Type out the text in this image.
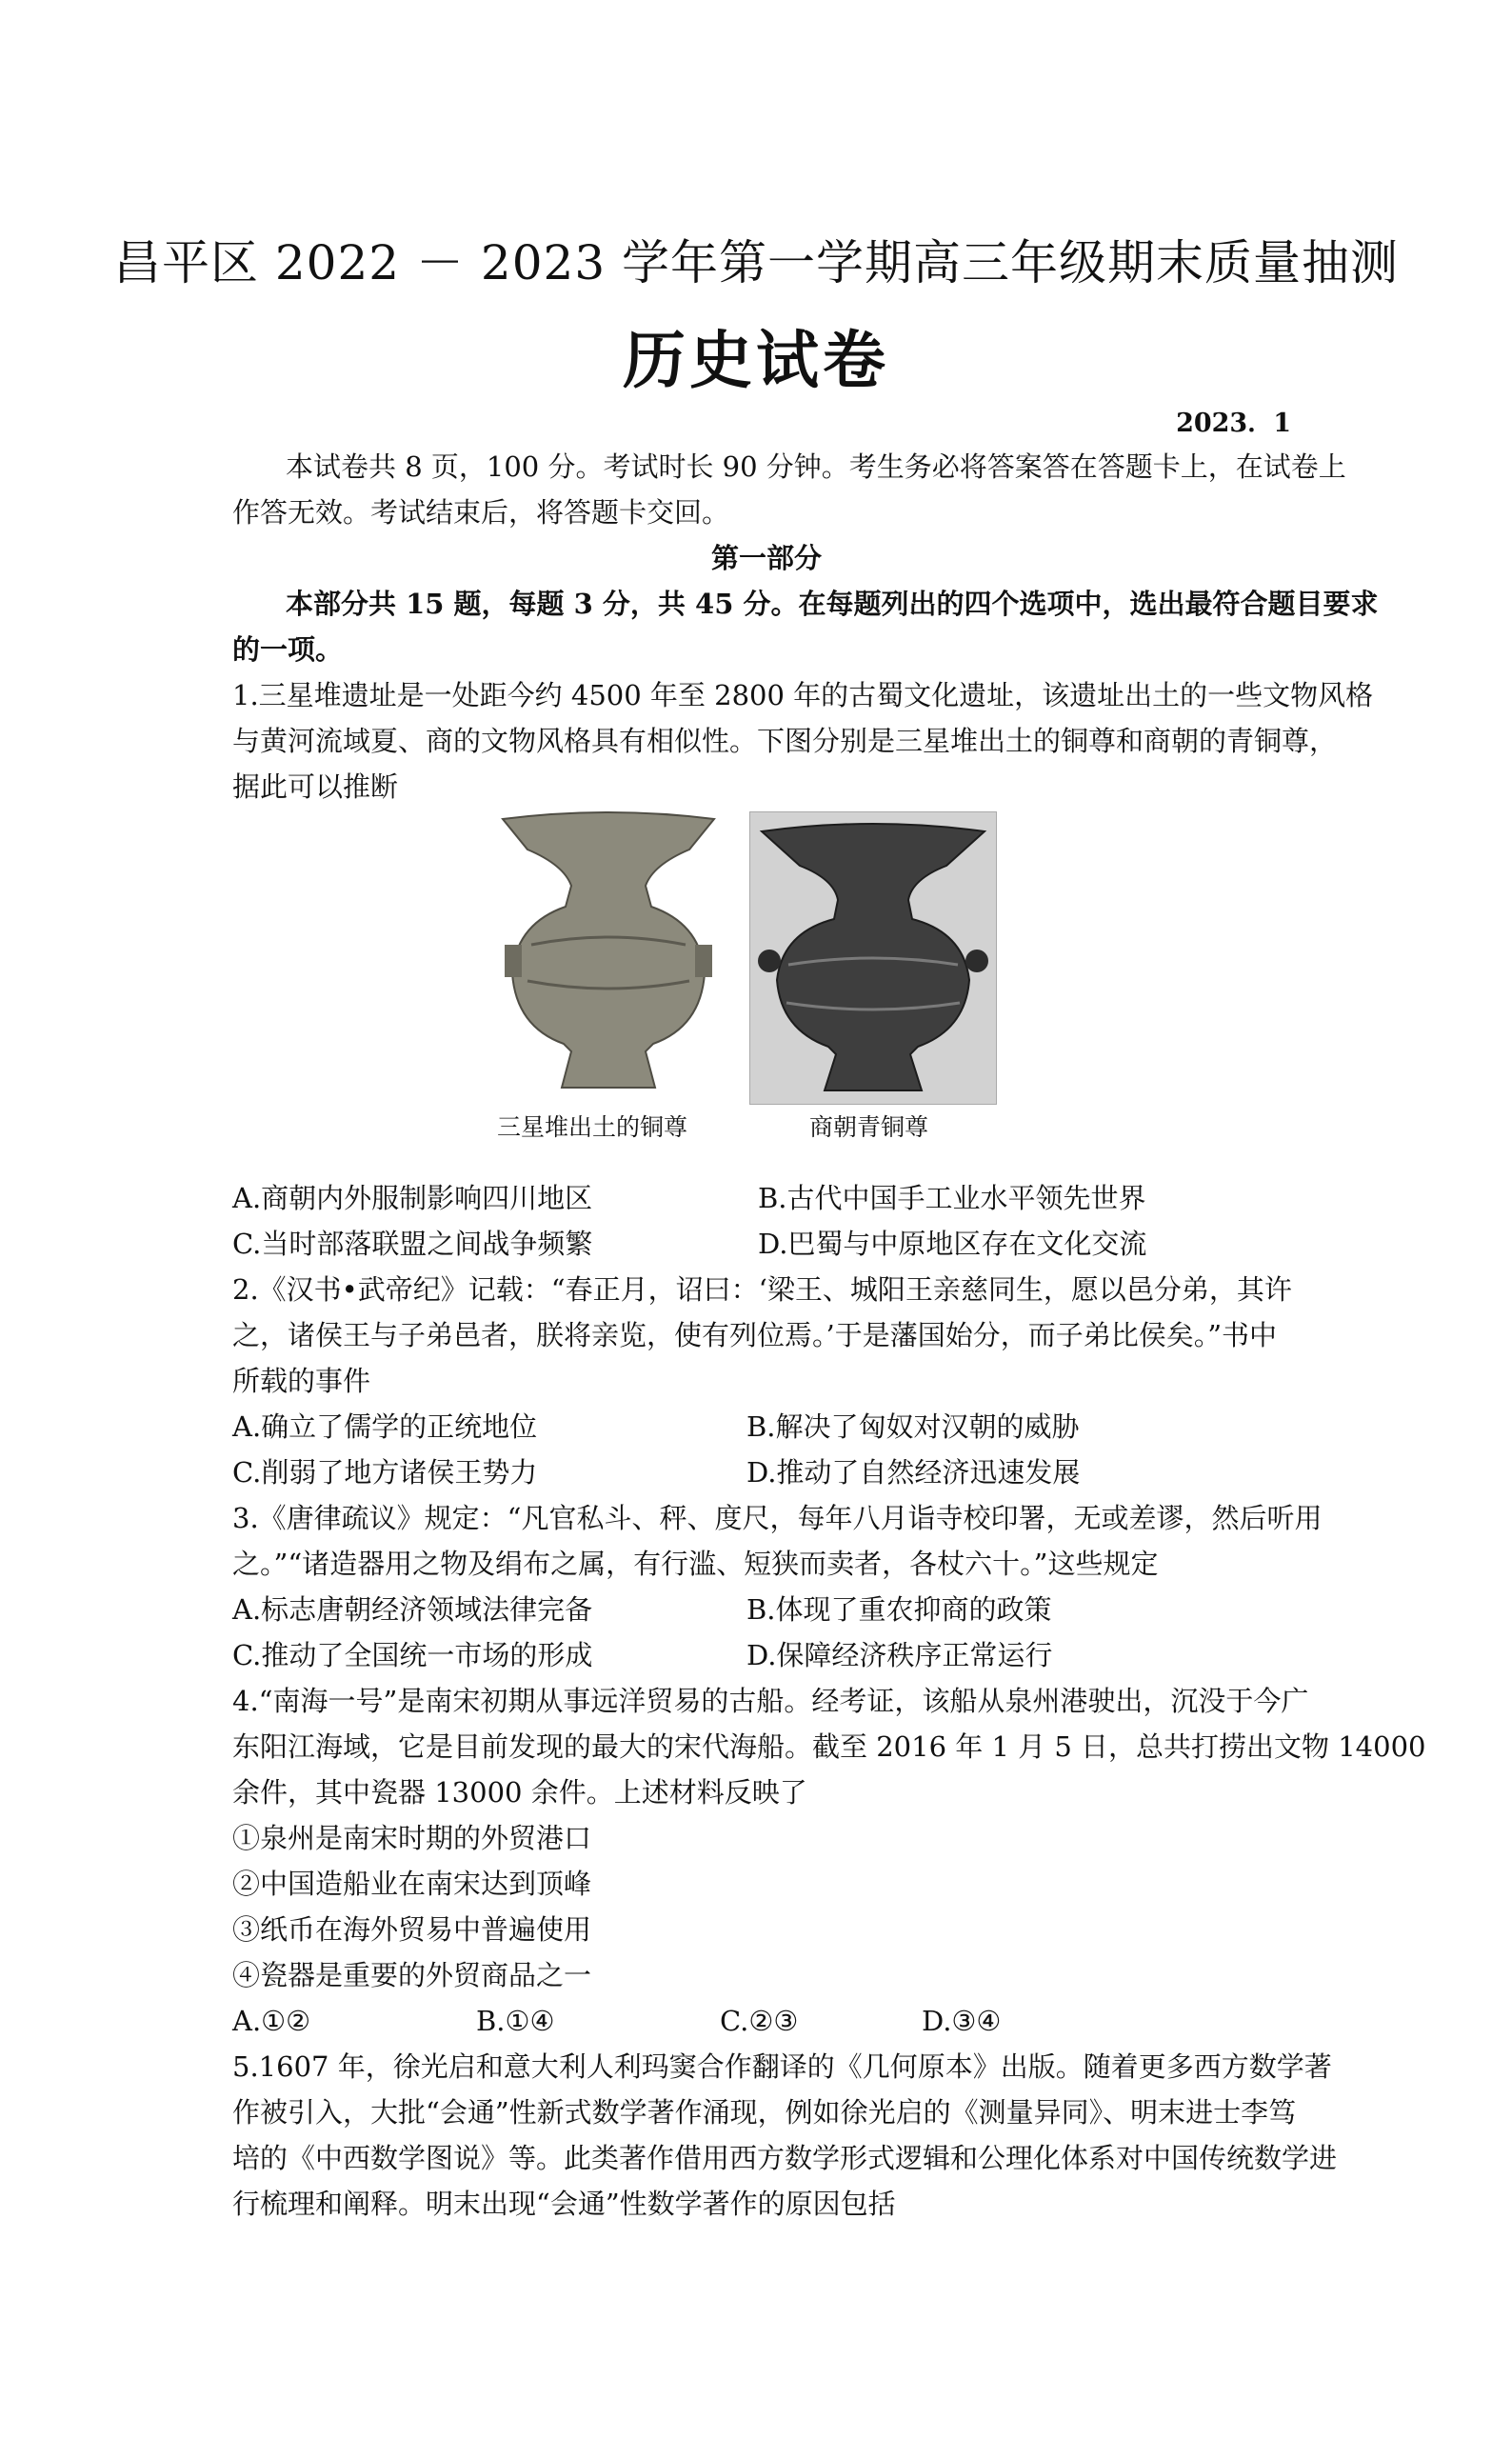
昌平区 2022 － 2023 学年第一学期高三年级期末质量抽测
历史试卷
2023．1
本试卷共 8 页，100 分。考试时长 90 分钟。考生务必将答案答在答题卡上，在试卷上
作答无效。考试结束后，将答题卡交回。
第一部分
本部分共 15 题，每题 3 分，共 45 分。在每题列出的四个选项中，选出最符合题目要求
的一项。
1.三星堆遗址是一处距今约 4500 年至 2800 年的古蜀文化遗址，该遗址出土的一些文物风格
与黄河流域夏、商的文物风格具有相似性。下图分别是三星堆出土的铜尊和商朝的青铜尊，
据此可以推断
三星堆出土的铜尊	商朝青铜尊
A.商朝内外服制影响四川地区	B.古代中国手工业水平领先世界
C.当时部落联盟之间战争频繁	D.巴蜀与中原地区存在文化交流
2.《汉书•武帝纪》记载：“春正月，诏曰：‘梁王、城阳王亲慈同生，愿以邑分弟，其许
之，诸侯王与子弟邑者，朕将亲览，使有列位焉。’于是藩国始分，而子弟比侯矣。”书中
所载的事件
A.确立了儒学的正统地位	B.解决了匈奴对汉朝的威胁
C.削弱了地方诸侯王势力	D.推动了自然经济迅速发展
3.《唐律疏议》规定：“凡官私斗、秤、度尺，每年八月诣寺校印署，无或差谬，然后听用
之。”“诸造器用之物及绢布之属，有行滥、短狭而卖者，各杖六十。”这些规定
A.标志唐朝经济领域法律完备	B.体现了重农抑商的政策
C.推动了全国统一市场的形成	D.保障经济秩序正常运行
4.“南海一号”是南宋初期从事远洋贸易的古船。经考证，该船从泉州港驶出，沉没于今广
东阳江海域，它是目前发现的最大的宋代海船。截至 2016 年 1 月 5 日，总共打捞出文物 14000
余件，其中瓷器 13000 余件。上述材料反映了
①泉州是南宋时期的外贸港口
②中国造船业在南宋达到顶峰
③纸币在海外贸易中普遍使用
④瓷器是重要的外贸商品之一
A.①②	B.①④	C.②③	D.③④
5.1607 年，徐光启和意大利人利玛窦合作翻译的《几何原本》出版。随着更多西方数学著
作被引入，大批“会通”性新式数学著作涌现，例如徐光启的《测量异同》、明末进士李笃
培的《中西数学图说》等。此类著作借用西方数学形式逻辑和公理化体系对中国传统数学进
行梳理和阐释。明末出现“会通”性数学著作的原因包括
